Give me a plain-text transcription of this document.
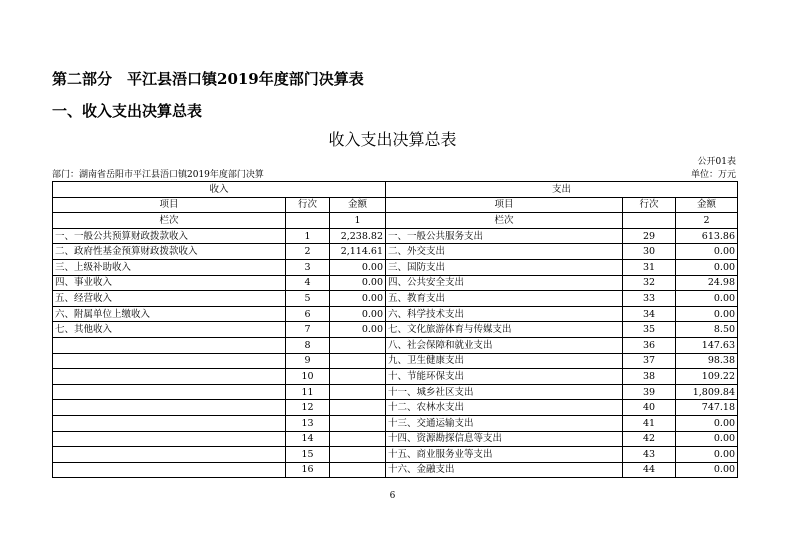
第二部分　平江县浯口镇2019年度部门决算表
一、收入支出决算总表
收入支出决算总表
公开01表
部门：湖南省岳阳市平江县浯口镇2019年度部门决算	单位：万元
收入			支出		
项目	行次	金额	项目	行次	金额
栏次		1	栏次		2
一、一般公共预算财政拨款收入	1	2,238.82	一、一般公共服务支出	29	613.86
二、政府性基金预算财政拨款收入	2	2,114.61	二、外交支出	30	0.00
三、上级补助收入	3	0.00	三、国防支出	31	0.00
四、事业收入	4	0.00	四、公共安全支出	32	24.98
五、经营收入	5	0.00	五、教育支出	33	0.00
六、附属单位上缴收入	6	0.00	六、科学技术支出	34	0.00
七、其他收入	7	0.00	七、文化旅游体育与传媒支出	35	8.50
	8		八、社会保障和就业支出	36	147.63
	9		九、卫生健康支出	37	98.38
	10		十、节能环保支出	38	109.22
	11		十一、城乡社区支出	39	1,809.84
	12		十二、农林水支出	40	747.18
	13		十三、交通运输支出	41	0.00
	14		十四、资源勘探信息等支出	42	0.00
	15		十五、商业服务业等支出	43	0.00
	16		十六、金融支出	44	0.00
6
